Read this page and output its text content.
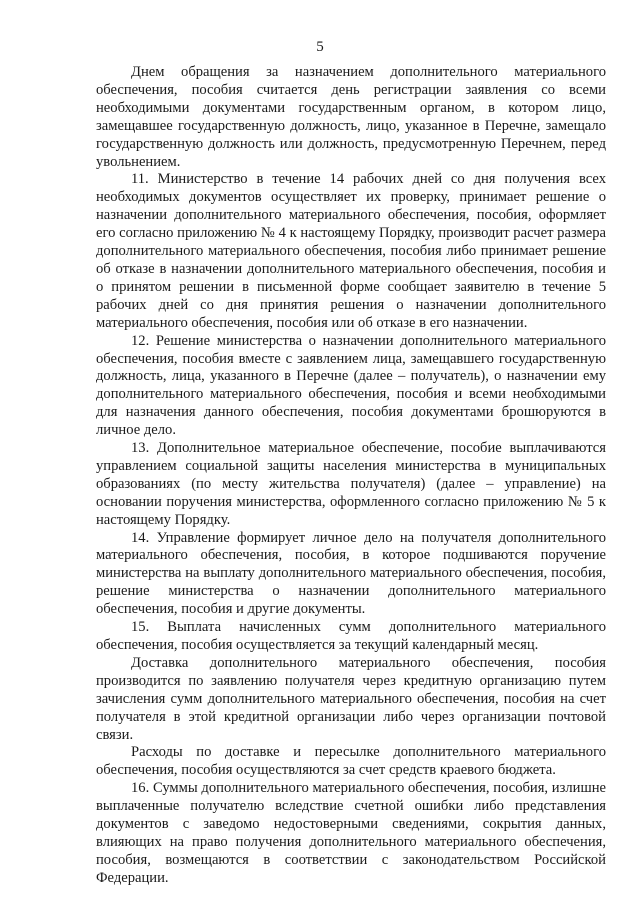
5

Днем обращения за назначением дополнительного материального обеспечения, пособия считается день регистрации заявления со всеми необходимыми документами государственным органом, в котором лицо, замещавшее государственную должность, лицо, указанное в Перечне, замещало государственную должность или должность, предусмотренную Перечнем, перед увольнением.

11. Министерство в течение 14 рабочих дней со дня получения всех необходимых документов осуществляет их проверку, принимает решение о назначении дополнительного материального обеспечения, пособия, оформляет его согласно приложению № 4 к настоящему Порядку, производит расчет размера дополнительного материального обеспечения, пособия либо принимает решение об отказе в назначении дополнительного материального обеспечения, пособия и о принятом решении в письменной форме сообщает заявителю в течение 5 рабочих дней со дня принятия решения о назначении дополнительного материального обеспечения, пособия или об отказе в его назначении.

12. Решение министерства о назначении дополнительного материального обеспечения, пособия вместе с заявлением лица, замещавшего государственную должность, лица, указанного в Перечне (далее – получатель), о назначении ему дополнительного материального обеспечения, пособия и всеми необходимыми для назначения данного обеспечения, пособия документами брошюруются в личное дело.

13. Дополнительное материальное обеспечение, пособие выплачиваются управлением социальной защиты населения министерства в муниципальных образованиях (по месту жительства получателя) (далее – управление) на основании поручения министерства, оформленного согласно приложению № 5 к настоящему Порядку.

14. Управление формирует личное дело на получателя дополнительного материального обеспечения, пособия, в которое подшиваются поручение министерства на выплату дополнительного материального обеспечения, пособия, решение министерства о назначении дополнительного материального обеспечения, пособия и другие документы.

15. Выплата начисленных сумм дополнительного материального обеспечения, пособия осуществляется за текущий календарный месяц.

Доставка дополнительного материального обеспечения, пособия производится по заявлению получателя через кредитную организацию путем зачисления сумм дополнительного материального обеспечения, пособия на счет получателя в этой кредитной организации либо через организации почтовой связи.

Расходы по доставке и пересылке дополнительного материального обеспечения, пособия осуществляются за счет средств краевого бюджета.

16. Суммы дополнительного материального обеспечения, пособия, излишне выплаченные получателю вследствие счетной ошибки либо представления документов с заведомо недостоверными сведениями, сокрытия данных, влияющих на право получения дополнительного материального обеспечения, пособия, возмещаются в соответствии с законодательством Российской Федерации.
